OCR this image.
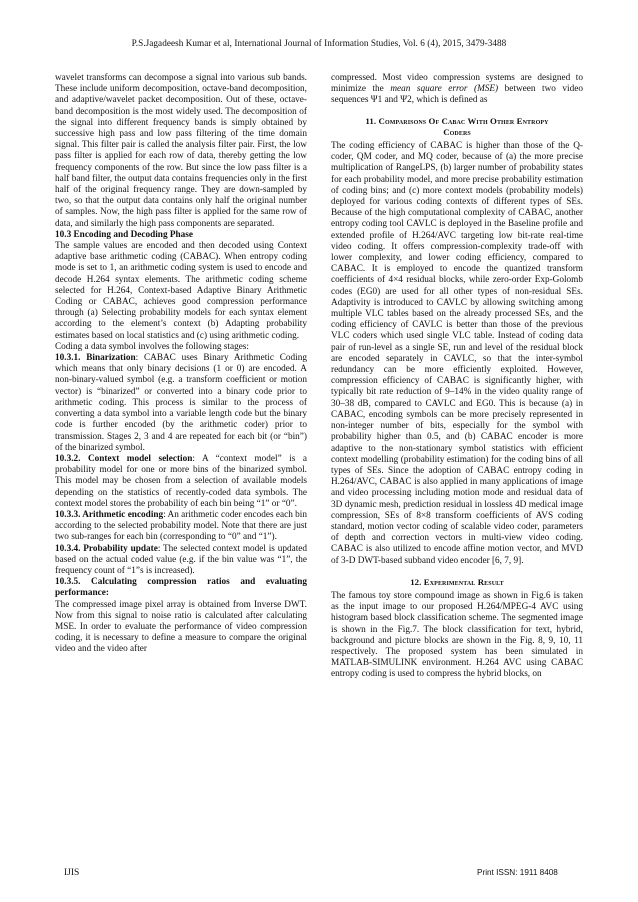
P.S.Jagadeesh Kumar et al, International Journal of Information Studies, Vol. 6 (4), 2015, 3479-3488

wavelet transforms can decompose a signal into various sub bands. These include uniform decomposition, octave-band decomposition, and adaptive/wavelet packet decomposition. Out of these, octave-band decomposition is the most widely used. The decomposition of the signal into different frequency bands is simply obtained by successive high pass and low pass filtering of the time domain signal. This filter pair is called the analysis filter pair. First, the low pass filter is applied for each row of data, thereby getting the low frequency components of the row. But since the low pass filter is a half band filter, the output data contains frequencies only in the first half of the original frequency range. They are down-sampled by two, so that the output data contains only half the original number of samples. Now, the high pass filter is applied for the same row of data, and similarly the high pass components are separated.

10.3 Encoding and Decoding Phase

The sample values are encoded and then decoded using Context adaptive base arithmetic coding (CABAC). When entropy coding mode is set to 1, an arithmetic coding system is used to encode and decode H.264 syntax elements. The arithmetic coding scheme selected for H.264, Context-based Adaptive Binary Arithmetic Coding or CABAC, achieves good compression performance through (a) Selecting probability models for each syntax element according to the element’s context (b) Adapting probability estimates based on local statistics and (c) using arithmetic coding.

Coding a data symbol involves the following stages:

10.3.1. Binarization: CABAC uses Binary Arithmetic Coding which means that only binary decisions (1 or 0) are encoded. A non-binary-valued symbol (e.g. a transform coefficient or motion vector) is “binarized” or converted into a binary code prior to arithmetic coding. This process is similar to the process of converting a data symbol into a variable length code but the binary code is further encoded (by the arithmetic coder) prior to transmission. Stages 2, 3 and 4 are repeated for each bit (or “bin”) of the binarized symbol.

10.3.2. Context model selection: A “context model” is a probability model for one or more bins of the binarized symbol. This model may be chosen from a selection of available models depending on the statistics of recently-coded data symbols. The context model stores the probability of each bin being “1” or “0”.

10.3.3. Arithmetic encoding: An arithmetic coder encodes each bin according to the selected probability model. Note that there are just two sub-ranges for each bin (corresponding to “0” and “1”).

10.3.4. Probability update: The selected context model is updated based on the actual coded value (e.g. if the bin value was “1”, the frequency count of “1”s is increased).

10.3.5. Calculating compression ratios and evaluating performance:

The compressed image pixel array is obtained from Inverse DWT. Now from this signal to noise ratio is calculated after calculating MSE. In order to evaluate the performance of video compression coding, it is necessary to define a measure to compare the original video and the video after

compressed. Most video compression systems are designed to minimize the mean square error (MSE) between two video sequences Ψ1 and Ψ2, which is defined as

11. Comparisons Of Cabac With Other Entropy
Coders

The coding efficiency of CABAC is higher than those of the Q-coder, QM coder, and MQ coder, because of (a) the more precise multiplication of RangeLPS, (b) larger number of probability states for each probability model, and more precise probability estimation of coding bins; and (c) more context models (probability models) deployed for various coding contexts of different types of SEs. Because of the high computational complexity of CABAC, another entropy coding tool CAVLC is deployed in the Baseline profile and extended profile of H.264/AVC targeting low bit-rate real-time video coding. It offers compression-complexity trade-off with lower complexity, and lower coding efficiency, compared to CABAC. It is employed to encode the quantized transform coefficients of 4×4 residual blocks, while zero-order Exp-Golomb codes (EG0) are used for all other types of non-residual SEs. Adaptivity is introduced to CAVLC by allowing switching among multiple VLC tables based on the already processed SEs, and the coding efficiency of CAVLC is better than those of the previous VLC coders which used single VLC table. Instead of coding data pair of run-level as a single SE, run and level of the residual block are encoded separately in CAVLC, so that the inter-symbol redundancy can be more efficiently exploited. However, compression efficiency of CABAC is significantly higher, with typically bit rate reduction of 9–14% in the video quality range of 30–38 dB, compared to CAVLC and EG0. This is because (a) in CABAC, encoding symbols can be more precisely represented in non-integer number of bits, especially for the symbol with probability higher than 0.5, and (b) CABAC encoder is more adaptive to the non-stationary symbol statistics with efficient context modelling (probability estimation) for the coding bins of all types of SEs. Since the adoption of CABAC entropy coding in H.264/AVC, CABAC is also applied in many applications of image and video processing including motion mode and residual data of 3D dynamic mesh, prediction residual in lossless 4D medical image compression, SEs of 8×8 transform coefficients of AVS coding standard, motion vector coding of scalable video coder, parameters of depth and correction vectors in multi-view video coding. CABAC is also utilized to encode affine motion vector, and MVD of 3-D DWT-based subband video encoder [6, 7, 9].

12. Experimental Result

The famous toy store compound image as shown in Fig.6 is taken as the input image to our proposed H.264/MPEG-4 AVC using histogram based block classification scheme. The segmented image is shown in the Fig.7. The block classification for text, hybrid, background and picture blocks are shown in the Fig. 8, 9, 10, 11 respectively. The proposed system has been simulated in MATLAB-SIMULINK environment. H.264 AVC using CABAC entropy coding is used to compress the hybrid blocks, on

IJIS	Print ISSN: 1911 8408
